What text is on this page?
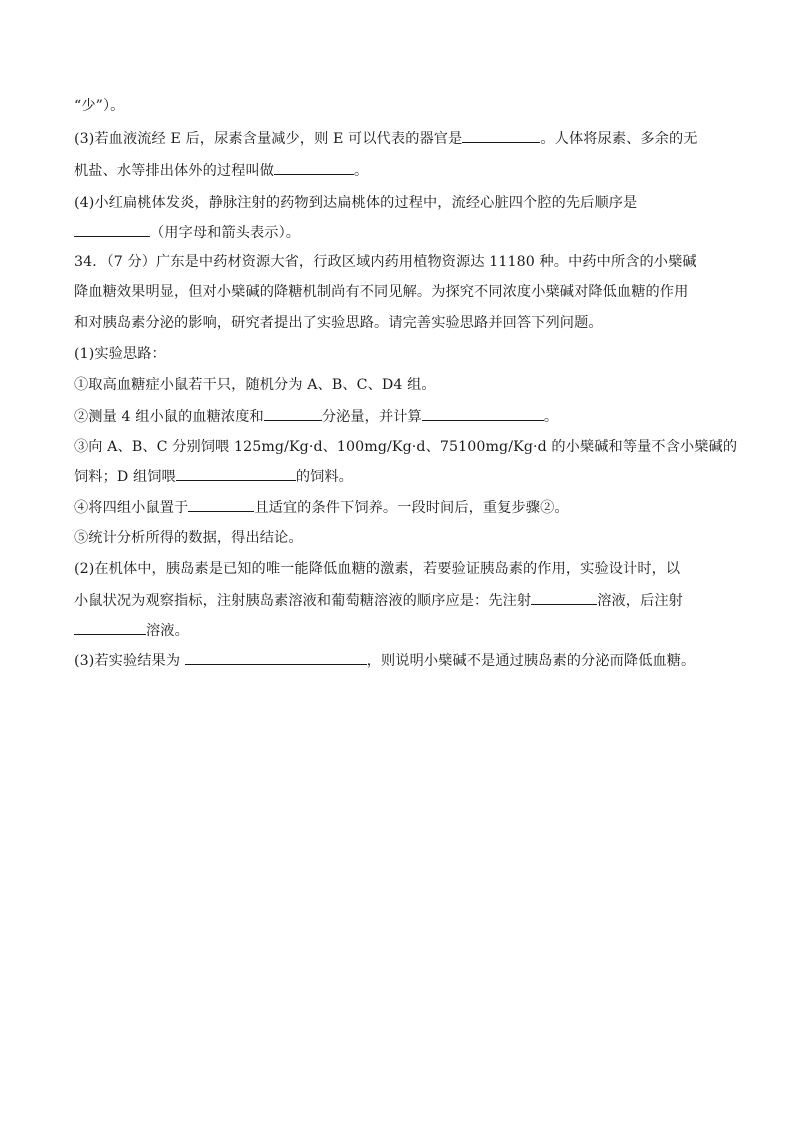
“少”）。
(3)若血液流经 E 后，尿素含量减少，则 E 可以代表的器官是	。人体将尿素、多余的无
机盐、水等排出体外的过程叫做	。
(4)小红扁桃体发炎，静脉注射的药物到达扁桃体的过程中，流经心脏四个腔的先后顺序是
（用字母和箭头表示）。
34．（7 分）广东是中药材资源大省，行政区域内药用植物资源达 11180 种。中药中所含的小檗碱
降血糖效果明显，但对小檗碱的降糖机制尚有不同见解。为探究不同浓度小檗碱对降低血糖的作用
和对胰岛素分泌的影响，研究者提出了实验思路。请完善实验思路并回答下列问题。
(1)实验思路：
①取高血糖症小鼠若干只，随机分为 A、B、C、D4 组。
②测量 4 组小鼠的血糖浓度和	分泌量，并计算	。
③向 A、B、C 分别饲喂 125mg/Kg·d、100mg/Kg·d、75100mg/Kg·d 的小檗碱和等量不含小檗碱的
饲料；D 组饲喂	的饲料。
④将四组小鼠置于	且适宜的条件下饲养。一段时间后，重复步骤②。
⑤统计分析所得的数据，得出结论。
(2)在机体中，胰岛素是已知的唯一能降低血糖的激素，若要验证胰岛素的作用，实验设计时，以
小鼠状况为观察指标，注射胰岛素溶液和葡萄糖溶液的顺序应是：先注射	溶液，后注射
溶液。
(3)若实验结果为	，则说明小檗碱不是通过胰岛素的分泌而降低血糖。
